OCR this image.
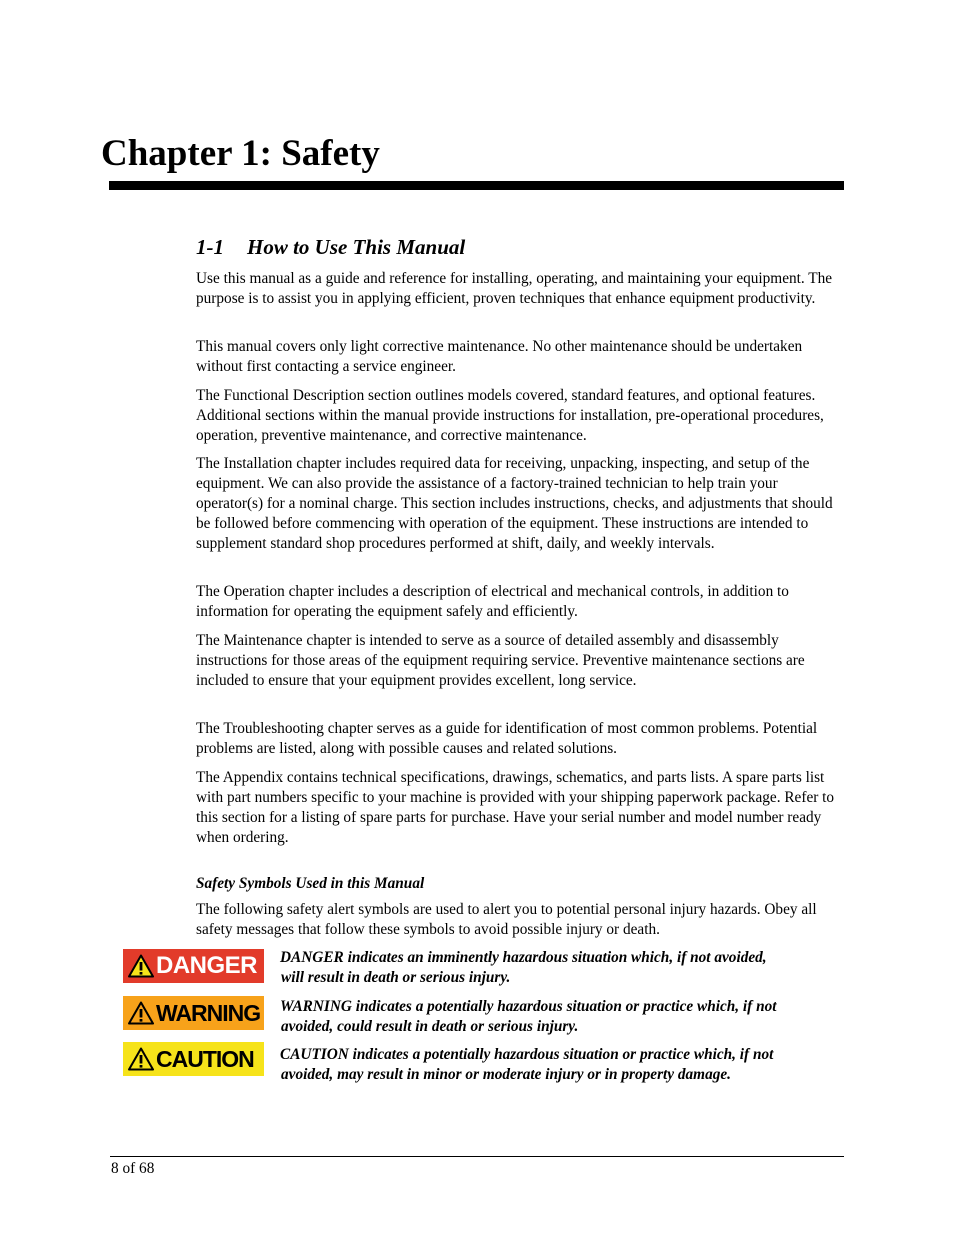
Chapter 1: Safety
1-1 How to Use This Manual

Use this manual as a guide and reference for installing, operating, and maintaining your equipment. The purpose is to assist you in applying efficient, proven techniques that enhance equipment productivity.

This manual covers only light corrective maintenance. No other maintenance should be undertaken without first contacting a service engineer.

The Functional Description section outlines models covered, standard features, and optional features. Additional sections within the manual provide instructions for installation, pre-operational procedures, operation, preventive maintenance, and corrective maintenance.

The Installation chapter includes required data for receiving, unpacking, inspecting, and setup of the equipment. We can also provide the assistance of a factory-trained technician to help train your operator(s) for a nominal charge. This section includes instructions, checks, and adjustments that should be followed before commencing with operation of the equipment. These instructions are intended to supplement standard shop procedures performed at shift, daily, and weekly intervals.

The Operation chapter includes a description of electrical and mechanical controls, in addition to information for operating the equipment safely and efficiently.

The Maintenance chapter is intended to serve as a source of detailed assembly and disassembly instructions for those areas of the equipment requiring service. Preventive maintenance sections are included to ensure that your equipment provides excellent, long service.

The Troubleshooting chapter serves as a guide for identification of most common problems. Potential problems are listed, along with possible causes and related solutions.

The Appendix contains technical specifications, drawings, schematics, and parts lists. A spare parts list with part numbers specific to your machine is provided with your shipping paperwork package. Refer to this section for a listing of spare parts for purchase. Have your serial number and model number ready when ordering.

Safety Symbols Used in this Manual

The following safety alert symbols are used to alert you to potential personal injury hazards. Obey all safety messages that follow these symbols to avoid possible injury or death.

DANGER DANGER indicates an imminently hazardous situation which, if not avoided,
will result in death or serious injury.

WARNING WARNING indicates a potentially hazardous situation or practice which, if not
avoided, could result in death or serious injury.

CAUTION CAUTION indicates a potentially hazardous situation or practice which, if not
avoided, may result in minor or moderate injury or in property damage.

8 of 68
